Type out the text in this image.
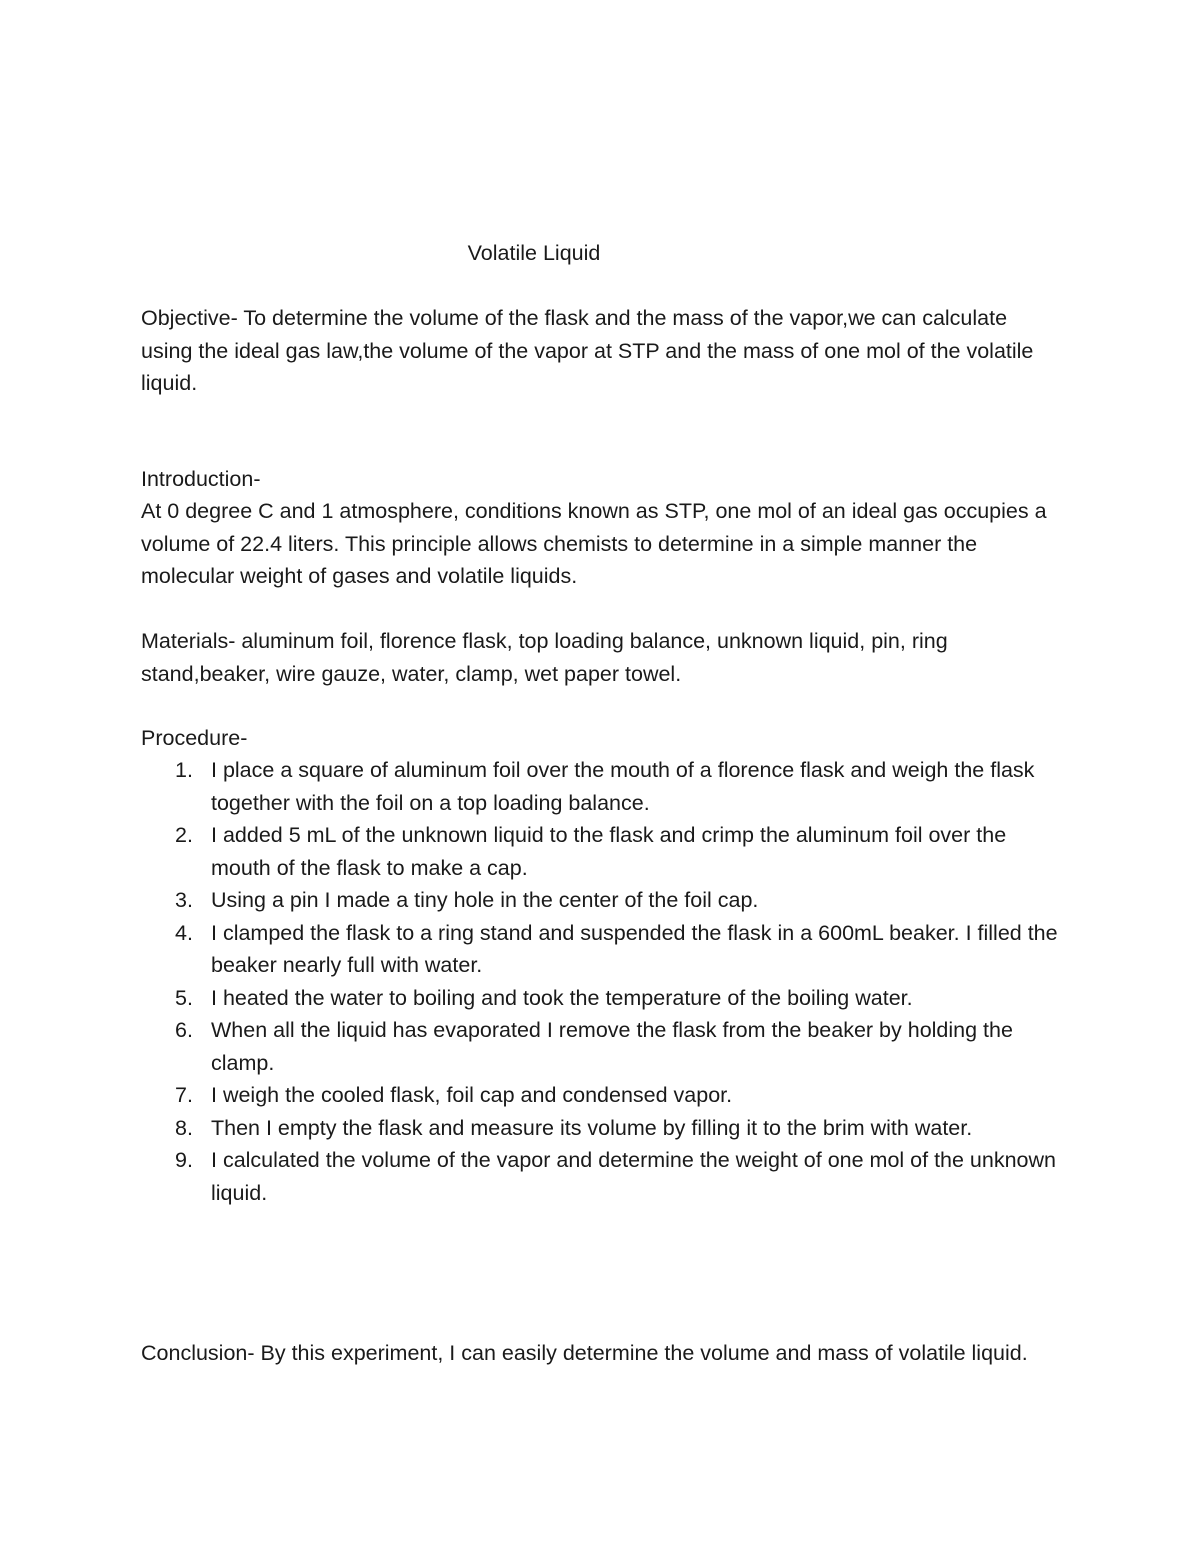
Volatile Liquid

Objective- To determine the volume of the flask and the mass of the vapor,we can calculate using the ideal gas law,the volume of the vapor at STP and the mass of one mol of the volatile liquid.

Introduction-

At 0 degree C and 1 atmosphere, conditions known as STP, one mol of an ideal gas occupies a volume of 22.4 liters. This principle allows chemists to determine in a simple manner the molecular weight of gases and volatile liquids.

Materials- aluminum foil, florence flask, top loading balance, unknown liquid, pin, ring stand,beaker, wire gauze, water, clamp, wet paper towel.

Procedure-

1. I place a square of aluminum foil over the mouth of a florence flask and weigh the flask together with the foil on a top loading balance.
2. I added 5 mL of the unknown liquid to the flask and crimp the aluminum foil over the mouth of the flask to make a cap.
3. Using a pin I made a tiny hole in the center of the foil cap.
4. I clamped the flask to a ring stand and suspended the flask in a 600mL beaker. I filled the beaker nearly full with water.
5. I heated the water to boiling and took the temperature of the boiling water.
6. When all the liquid has evaporated I remove the flask from the beaker by holding the clamp.
7. I weigh the cooled flask, foil cap and condensed vapor.
8. Then I empty the flask and measure its volume by filling it to the brim with water.
9. I calculated the volume of the vapor and determine the weight of one mol of the unknown liquid.

Conclusion- By this experiment, I can easily determine the volume and mass of volatile liquid.
